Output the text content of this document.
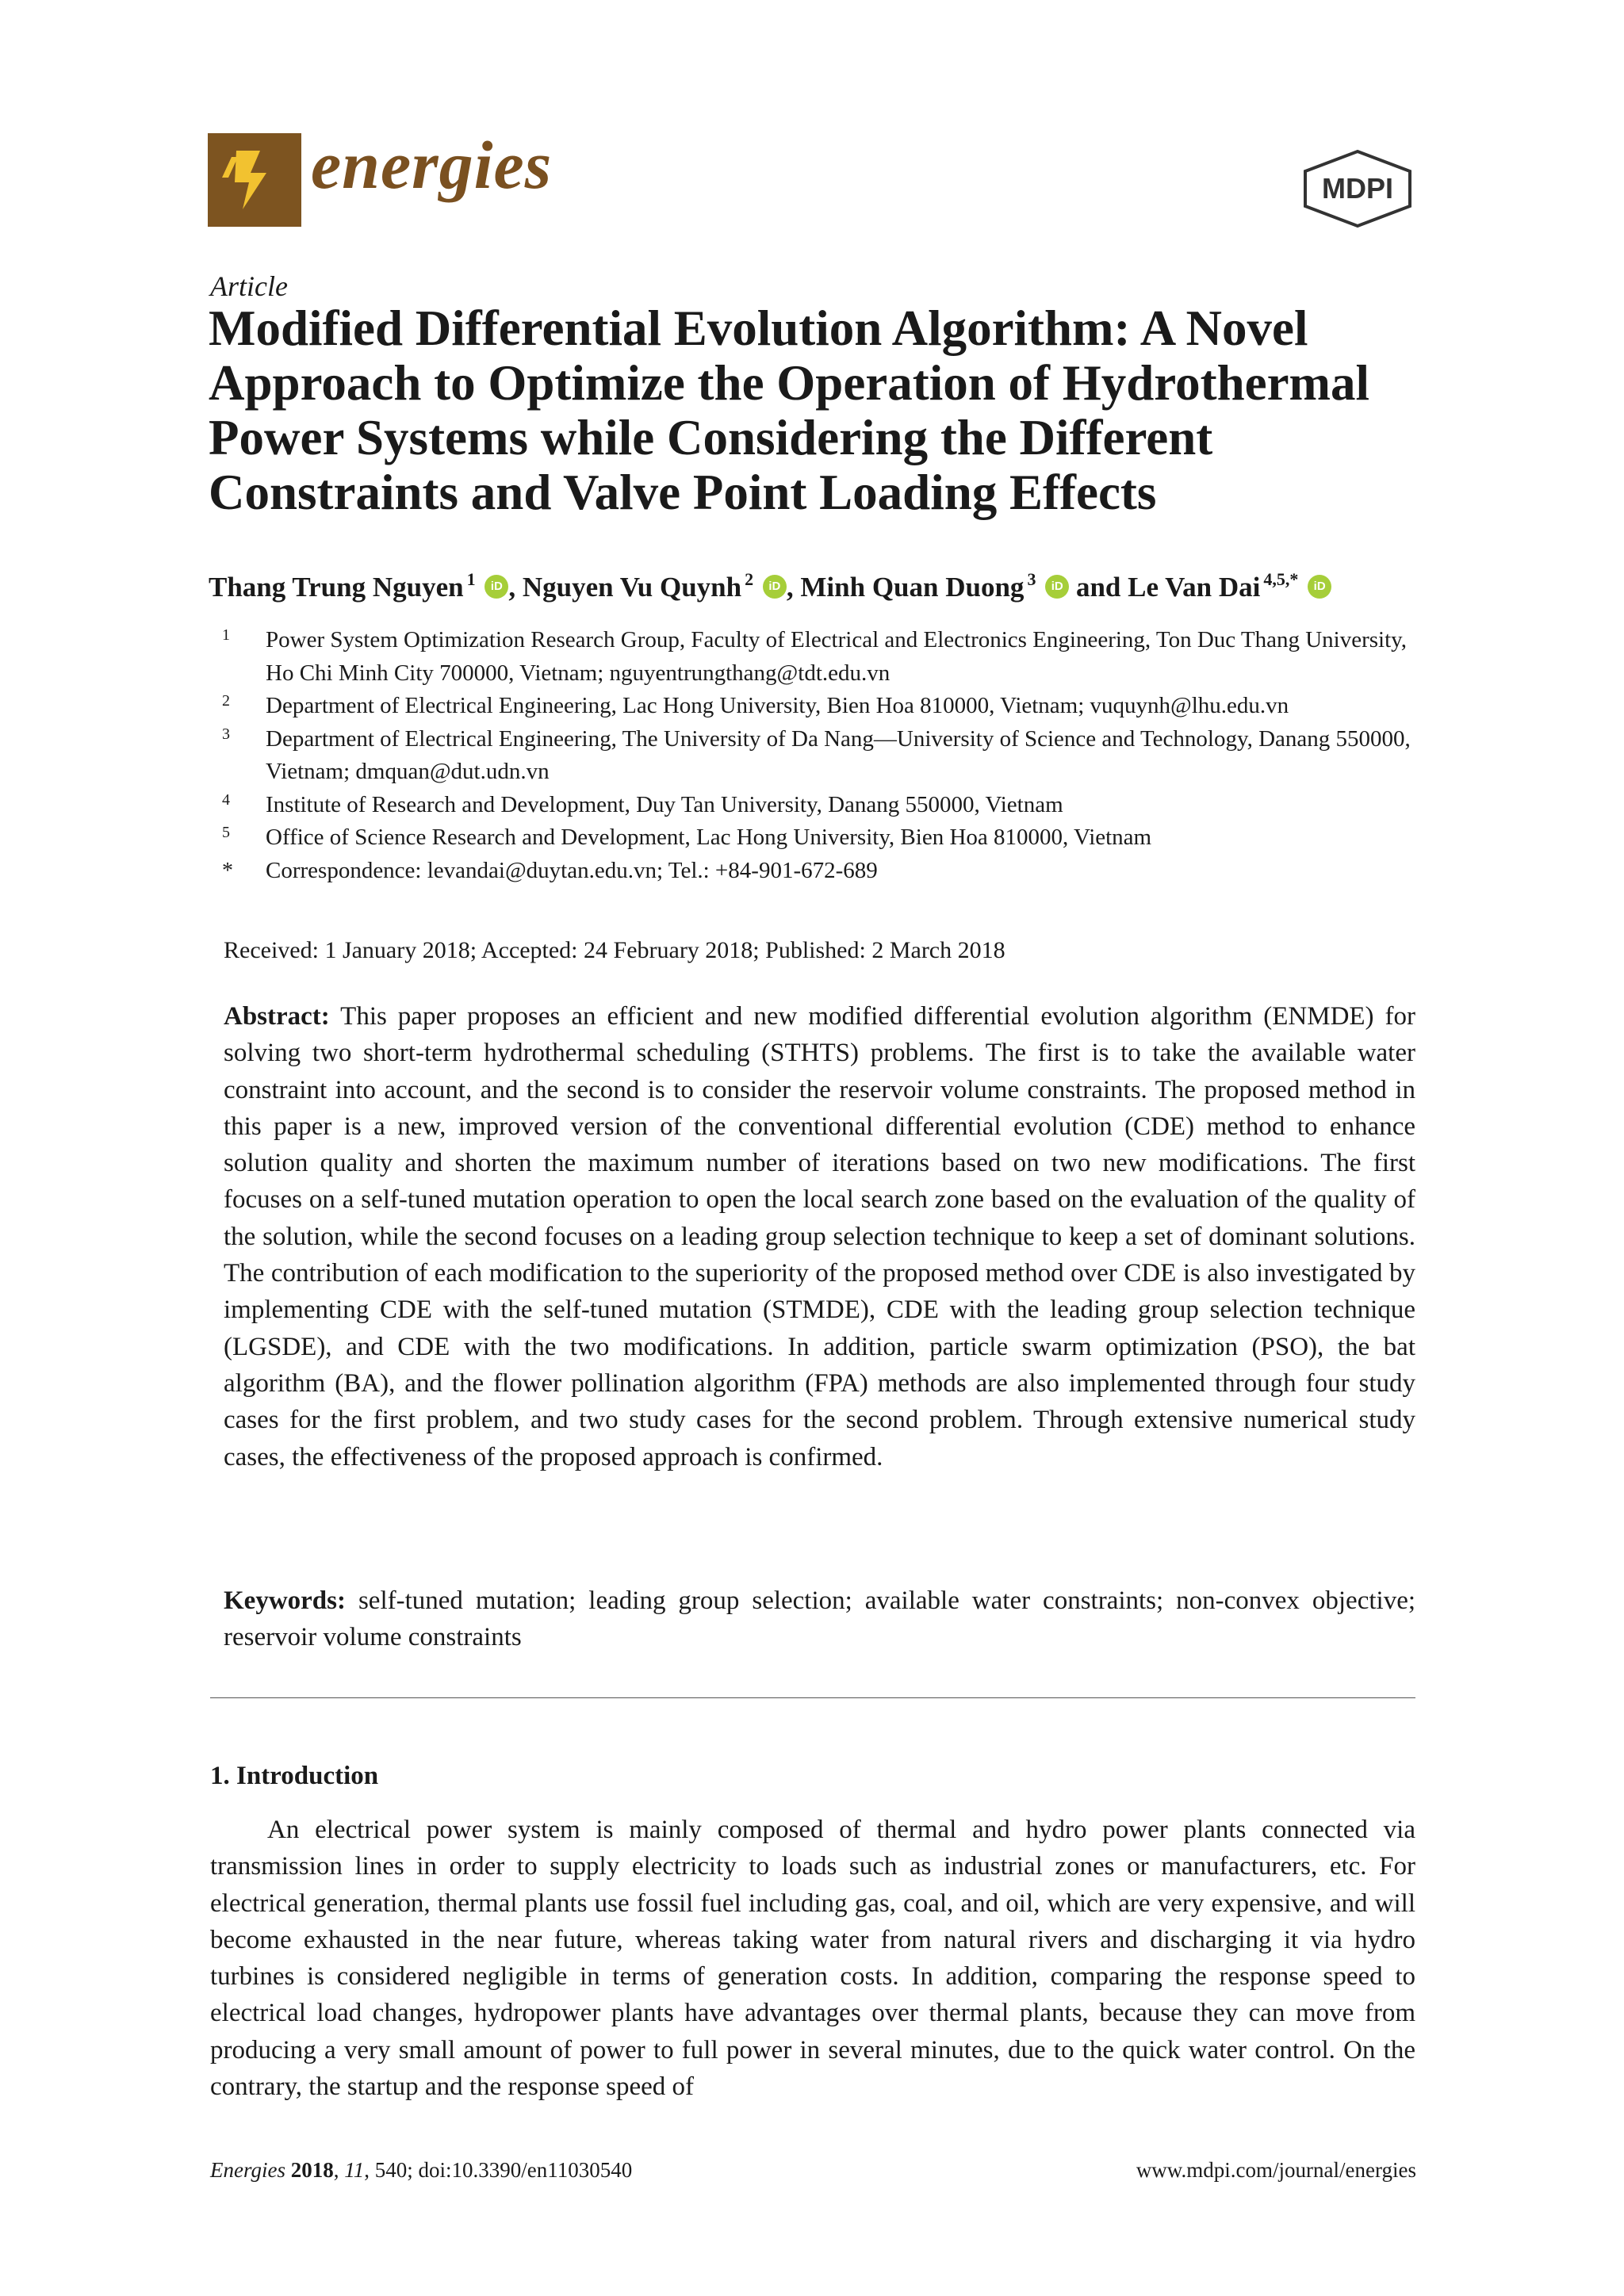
energies	MDPI
Article
Modified Differential Evolution Algorithm: A Novel Approach to Optimize the Operation of Hydrothermal Power Systems while Considering the Different Constraints and Valve Point Loading Effects
Thang Trung Nguyen $^1$ iD , Nguyen Vu Quynh $^2$ iD , Minh Quan Duong $^3$ iD and Le Van Dai $^{4,5,*}$ iD
1 Power System Optimization Research Group, Faculty of Electrical and Electronics Engineering, Ton Duc Thang University, Ho Chi Minh City 700000, Vietnam; nguyentrungthang@tdt.edu.vn
2 Department of Electrical Engineering, Lac Hong University, Bien Hoa 810000, Vietnam; vuquynh@lhu.edu.vn
3 Department of Electrical Engineering, The University of Da Nang—University of Science and Technology, Danang 550000, Vietnam; dmquan@dut.udn.vn
4 Institute of Research and Development, Duy Tan University, Danang 550000, Vietnam
5 Office of Science Research and Development, Lac Hong University, Bien Hoa 810000, Vietnam
* Correspondence: levandai@duytan.edu.vn; Tel.: +84-901-672-689
Received: 1 January 2018; Accepted: 24 February 2018; Published: 2 March 2018
Abstract: This paper proposes an efficient and new modified differential evolution algorithm (ENMDE) for solving two short-term hydrothermal scheduling (STHTS) problems. The first is to take the available water constraint into account, and the second is to consider the reservoir volume constraints. The proposed method in this paper is a new, improved version of the conventional differential evolution (CDE) method to enhance solution quality and shorten the maximum number of iterations based on two new modifications. The first focuses on a self-tuned mutation operation to open the local search zone based on the evaluation of the quality of the solution, while the second focuses on a leading group selection technique to keep a set of dominant solutions. The contribution of each modification to the superiority of the proposed method over CDE is also investigated by implementing CDE with the self-tuned mutation (STMDE), CDE with the leading group selection technique (LGSDE), and CDE with the two modifications. In addition, particle swarm optimization (PSO), the bat algorithm (BA), and the flower pollination algorithm (FPA) methods are also implemented through four study cases for the first problem, and two study cases for the second problem. Through extensive numerical study cases, the effectiveness of the proposed approach is confirmed.
Keywords: self-tuned mutation; leading group selection; available water constraints; non-convex objective; reservoir volume constraints
1. Introduction
An electrical power system is mainly composed of thermal and hydro power plants connected via transmission lines in order to supply electricity to loads such as industrial zones or manufacturers, etc. For electrical generation, thermal plants use fossil fuel including gas, coal, and oil, which are very expensive, and will become exhausted in the near future, whereas taking water from natural rivers and discharging it via hydro turbines is considered negligible in terms of generation costs. In addition, comparing the response speed to electrical load changes, hydropower plants have advantages over thermal plants, because they can move from producing a very small amount of power to full power in several minutes, due to the quick water control. On the contrary, the startup and the response speed of
Energies 2018, 11, 540; doi:10.3390/en11030540	www.mdpi.com/journal/energies
